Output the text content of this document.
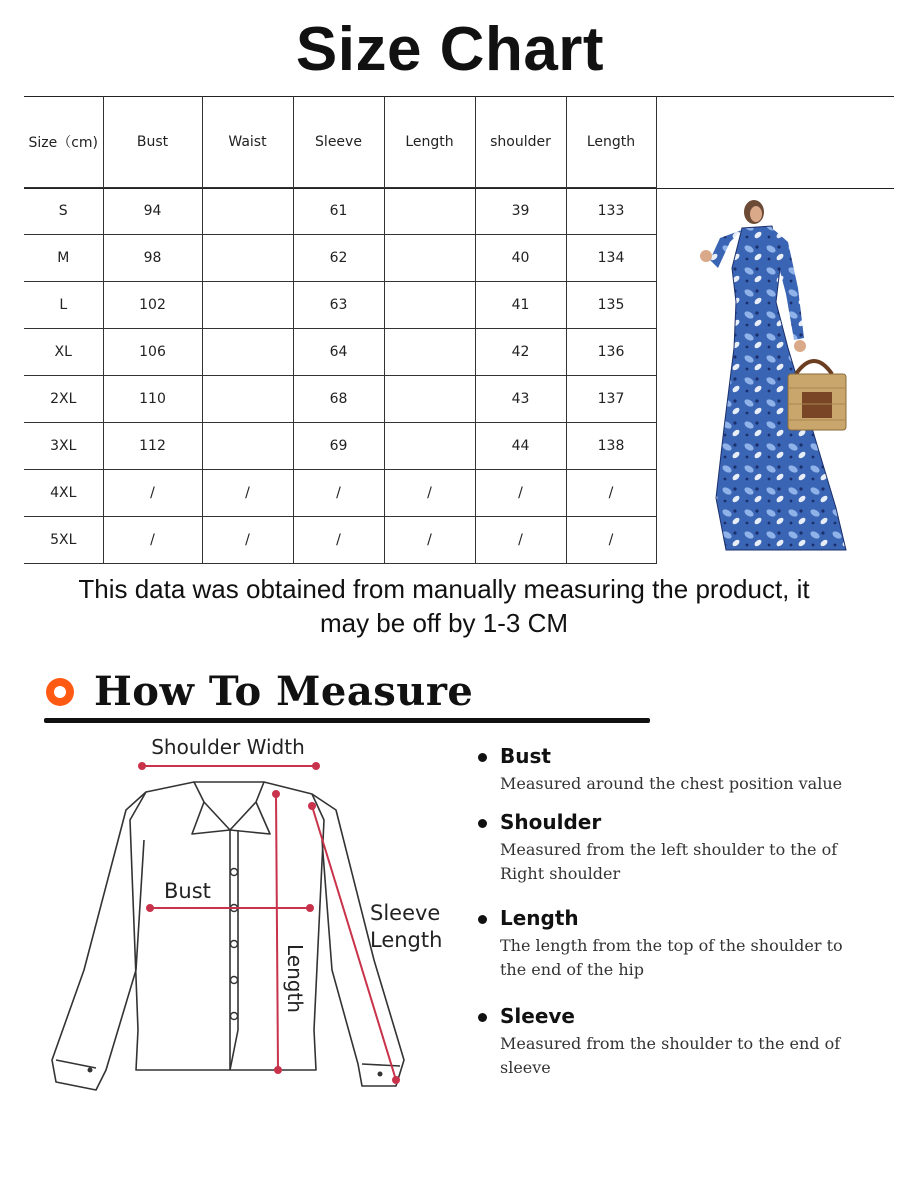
Size Chart
Size（cm)	Bust	Waist	Sleeve	Length	shoulder	Length
S	94		61		39	133
M	98		62		40	134
L	102		63		41	135
XL	106		64		42	136
2XL	110		68		43	137
3XL	112		69		44	138
4XL	/	/	/	/	/	/
5XL	/	/	/	/	/	/

This data was obtained from manually measuring the product, it
may be off by 1-3 CM

How To Measure
Shoulder Width
Bust
Length
Sleeve
Length
Bust
Measured around the chest position value
Shoulder
Measured from the left shoulder to the of Right shoulder
Length
The length from the top of the shoulder to the end of the hip
Sleeve
Measured from the shoulder to the end of sleeve
